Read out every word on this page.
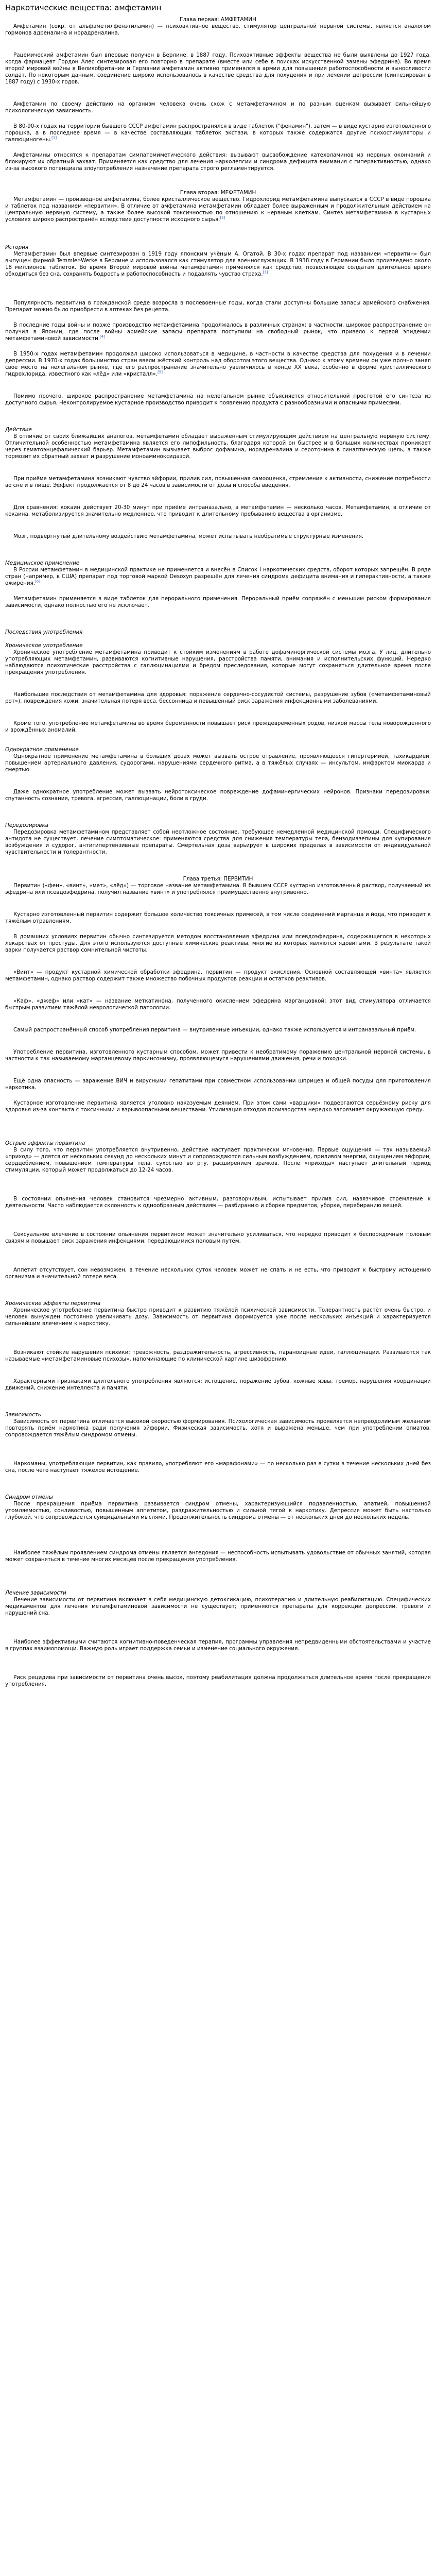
Наркотические вещества: амфетамин
Глава первая: АМФЕТАМИН
Амфетамин (сокр. от альфаметилфенэтиламин) — психоактивное вещество, стимулятор центральной нервной системы, является аналогом гормонов адреналина и норадреналина.
Рацемический амфетамин был впервые получен в Берлине, в 1887 году. Психоактивные эффекты вещества не были выявлены до 1927 года, когда фармацевт Гордон Алес синтезировал его повторно в препарате (вместе или себе в поисках искусственной замены эфедрина). Во время второй мировой войны в Великобритании и Германии амфетамин активно применялся в армии для повышения работоспособности и выносливости солдат. По некоторым данным, соединение широко использовалось в качестве средства для похудения и при лечении депрессии (синтезирован в 1887 году) с 1930-х годов.
Амфетамин по своему действию на организм человека очень схож с метамфетамином и по разным оценкам вызывает сильнейшую психологическую зависимость.
В 80-90-х годах на территории бывшего СССР амфетамин распространялся в виде таблеток ("фенамин"), затем — в виде кустарно изготовленного порошка, а в последнее время — в качестве составляющих таблеток экстази, в которых также содержатся другие психостимуляторы и галлюциногены.[1]
Амфетамины относятся к препаратам симпатомиметического действия: вызывают высвобождение катехоламинов из нервных окончаний и блокируют их обратный захват. Применяется как средство для лечения нарколепсии и синдрома дефицита внимания с гиперактивностью, однако из-за высокого потенциала злоупотребления назначение препарата строго регламентируется.
Глава вторая: МЕФЕТАМИН
Метамфетамин — производное амфетамина, более кристаллическое вещество. Гидрохлорид метамфетамина выпускался в СССР в виде порошка и таблеток под названием «первитин». В отличие от амфетамина метамфетамин обладает более выраженным и продолжительным действием на центральную нервную систему, а также более высокой токсичностью по отношению к нервным клеткам. Синтез метамфетамина в кустарных условиях широко распространён вследствие доступности исходного сырья.[2]
История
Метамфетамин был впервые синтезирован в 1919 году японским учёным А. Огатой. В 30-х годах препарат под названием «первитин» был выпущен фирмой Temmler-Werke в Берлине и использовался как стимулятор для военнослужащих. В 1938 году в Германии было произведено около 18 миллионов таблеток. Во время Второй мировой войны метамфетамин применялся как средство, позволяющее солдатам длительное время обходиться без сна, сохранять бодрость и работоспособность и подавлять чувство страха.[3]
Популярность первитина в гражданской среде возросла в послевоенные годы, когда стали доступны большие запасы армейского снабжения. Препарат можно было приобрести в аптеках без рецепта.
В последние годы войны и позже производство метамфетамина продолжалось в различных странах; в частности, широкое распространение он получил в Японии, где после войны армейские запасы препарата поступили на свободный рынок, что привело к первой эпидемии метамфетаминовой зависимости.[4]
В 1950-х годах метамфетамин продолжал широко использоваться в медицине, в частности в качестве средства для похудения и в лечении депрессии. В 1970-х годах большинство стран ввели жёсткий контроль над оборотом этого вещества. Однако к этому времени он уже прочно занял своё место на нелегальном рынке, где его распространение значительно увеличилось в конце XX века, особенно в форме кристаллического гидрохлорида, известного как «лёд» или «кристалл».[5]
Помимо прочего, широкое распространение метамфетамина на нелегальном рынке объясняется относительной простотой его синтеза из доступного сырья. Неконтролируемое кустарное производство приводит к появлению продукта с разнообразными и опасными примесями.
Действие
В отличие от своих ближайших аналогов, метамфетамин обладает выраженным стимулирующим действием на центральную нервную систему. Отличительной особенностью метамфетамина является его липофильность, благодаря которой он быстрее и в больших количествах проникает через гематоэнцефалический барьер. Метамфетамин вызывает выброс дофамина, норадреналина и серотонина в синаптическую щель, а также тормозит их обратный захват и разрушение моноаминоксидазой.
При приёме метамфетамина возникают чувство эйфории, прилив сил, повышенная самооценка, стремление к активности, снижение потребности во сне и в пище. Эффект продолжается от 8 до 24 часов в зависимости от дозы и способа введения.
Для сравнения: кокаин действует 20-30 минут при приёме интраназально, а метамфетамин — несколько часов. Метамфетамин, в отличие от кокаина, метаболизируется значительно медленнее, что приводит к длительному пребыванию вещества в организме.
Мозг, подвергнутый длительному воздействию метамфетамина, может испытывать необратимые структурные изменения.
Медицинское применение
В России метамфетамин в медицинской практике не применяется и внесён в Список I наркотических средств, оборот которых запрещён. В ряде стран (например, в США) препарат под торговой маркой Desoxyn разрешён для лечения синдрома дефицита внимания и гиперактивности, а также ожирения.[6]
Метамфетамин применяется в виде таблеток для перорального применения. Пероральный приём сопряжён с меньшим риском формирования зависимости, однако полностью его не исключает.
Последствия употребления
Хроническое употребление
Хроническое употребление метамфетамина приводит к стойким изменениям в работе дофаминергической системы мозга. У лиц, длительно употребляющих метамфетамин, развиваются когнитивные нарушения, расстройства памяти, внимания и исполнительских функций. Нередко наблюдаются психотические расстройства с галлюцинациями и бредом преследования, которые могут сохраняться длительное время после прекращения употребления.
Наибольшие последствия от метамфетамина для здоровья: поражение сердечно-сосудистой системы, разрушение зубов («метамфетаминовый рот»), повреждения кожи, значительная потеря веса, бессонница и повышенный риск заражения инфекционными заболеваниями.
Кроме того, употребление метамфетамина во время беременности повышает риск преждевременных родов, низкой массы тела новорождённого и врождённых аномалий.
Однократное применение
Однократное применение метамфетамина в больших дозах может вызвать острое отравление, проявляющееся гипертермией, тахикардией, повышением артериального давления, судорогами, нарушениями сердечного ритма, а в тяжёлых случаях — инсультом, инфарктом миокарда и смертью.
Даже однократное употребление может вызвать нейротоксическое повреждение дофаминергических нейронов. Признаки передозировки: спутанность сознания, тревога, агрессия, галлюцинации, боли в груди.
Передозировка
Передозировка метамфетамином представляет собой неотложное состояние, требующее немедленной медицинской помощи. Специфического антидота не существует, лечение симптоматическое: применяются средства для снижения температуры тела, бензодиазепины для купирования возбуждения и судорог, антигипертензивные препараты. Смертельная доза варьирует в широких пределах в зависимости от индивидуальной чувствительности и толерантности.
Глава третья: ПЕРВИТИН
Первитин («фен», «винт», «мет», «лёд») — торговое название метамфетамина. В бывшем СССР кустарно изготовленный раствор, получаемый из эфедрина или псевдоэфедрина, получил название «винт» и употреблялся преимущественно внутривенно.
Кустарно изготовленный первитин содержит большое количество токсичных примесей, в том числе соединений марганца и йода, что приводит к тяжёлым отравлениям.
В домашних условиях первитин обычно синтезируется методом восстановления эфедрина или псевдоэфедрина, содержащегося в некоторых лекарствах от простуды. Для этого используются доступные химические реактивы, многие из которых являются ядовитыми. В результате такой варки получается раствор сомнительной чистоты.
«Винт» — продукт кустарной химической обработки эфедрина, первитин — продукт окисления. Основной составляющей «винта» является метамфетамин, однако раствор содержит также множество побочных продуктов реакции и остатков реактивов.
«Каф», «джеф» или «кат» — название меткатинона, полученного окислением эфедрина марганцовкой; этот вид стимулятора отличается быстрым развитием тяжёлой неврологической патологии.
Самый распространённый способ употребления первитина — внутривенные инъекции, однако также используется и интраназальный приём.
Употребление первитина, изготовленного кустарным способом, может привести к необратимому поражению центральной нервной системы, в частности к так называемому марганцевому паркинсонизму, проявляющемуся нарушениями движения, речи и походки.
Ещё одна опасность — заражение ВИЧ и вирусными гепатитами при совместном использовании шприцев и общей посуды для приготовления наркотика.
Кустарное изготовление первитина является уголовно наказуемым деянием. При этом сами «варщики» подвергаются серьёзному риску для здоровья из-за контакта с токсичными и взрывоопасными веществами. Утилизация отходов производства нередко загрязняет окружающую среду.
Острые эффекты первитина
В силу того, что первитин употребляется внутривенно, действие наступает практически мгновенно. Первые ощущения — так называемый «приход» — длятся от нескольких секунд до нескольких минут и сопровождаются сильным возбуждением, приливом энергии, ощущением эйфории, сердцебиением, повышением температуры тела, сухостью во рту, расширением зрачков. После «прихода» наступает длительный период стимуляции, который может продолжаться до 12-24 часов.
В состоянии опьянения человек становится чрезмерно активным, разговорчивым, испытывает прилив сил, навязчивое стремление к деятельности. Часто наблюдается склонность к однообразным действиям — разбиранию и сборке предметов, уборке, перебиранию вещей.
Сексуальное влечение в состоянии опьянения первитином может значительно усиливаться, что нередко приводит к беспорядочным половым связям и повышает риск заражения инфекциями, передающимися половым путём.
Аппетит отсутствует, сон невозможен, в течение нескольких суток человек может не спать и не есть, что приводит к быстрому истощению организма и значительной потере веса.
Хронические эффекты первитина
Хроническое употребление первитина быстро приводит к развитию тяжёлой психической зависимости. Толерантность растёт очень быстро, и человек вынужден постоянно увеличивать дозу. Зависимость от первитина формируется уже после нескольких инъекций и характеризуется сильнейшим влечением к наркотику.
Возникают стойкие нарушения психики: тревожность, раздражительность, агрессивность, параноидные идеи, галлюцинации. Развиваются так называемые «метамфетаминовые психозы», напоминающие по клинической картине шизофрению.
Характерными признаками длительного употребления являются: истощение, поражение зубов, кожные язвы, тремор, нарушения координации движений, снижение интеллекта и памяти.
Зависимость
Зависимость от первитина отличается высокой скоростью формирования. Психологическая зависимость проявляется непреодолимым желанием повторять приём наркотика ради получения эйфории. Физическая зависимость, хотя и выражена меньше, чем при употреблении опиатов, сопровождается тяжёлым синдромом отмены.
Наркоманы, употребляющие первитин, как правило, употребляют его «марафонами» — по несколько раз в сутки в течение нескольких дней без сна, после чего наступает тяжёлое истощение.
Синдром отмены
После прекращения приёма первитина развивается синдром отмены, характеризующийся подавленностью, апатией, повышенной утомляемостью, сонливостью, повышенным аппетитом, раздражительностью и сильной тягой к наркотику. Депрессия может быть настолько глубокой, что сопровождается суицидальными мыслями. Продолжительность синдрома отмены — от нескольких дней до нескольких недель.
Наиболее тяжёлым проявлением синдрома отмены является ангедония — неспособность испытывать удовольствие от обычных занятий, которая может сохраняться в течение многих месяцев после прекращения употребления.
Лечение зависимости
Лечение зависимости от первитина включает в себя медицинскую детоксикацию, психотерапию и длительную реабилитацию. Специфических медикаментов для лечения метамфетаминовой зависимости не существует; применяются препараты для коррекции депрессии, тревоги и нарушений сна.
Наиболее эффективными считаются когнитивно-поведенческая терапия, программы управления непредвиденными обстоятельствами и участие в группах взаимопомощи. Важную роль играет поддержка семьи и изменение социального окружения.
Риск рецидива при зависимости от первитина очень высок, поэтому реабилитация должна продолжаться длительное время после прекращения употребления.
